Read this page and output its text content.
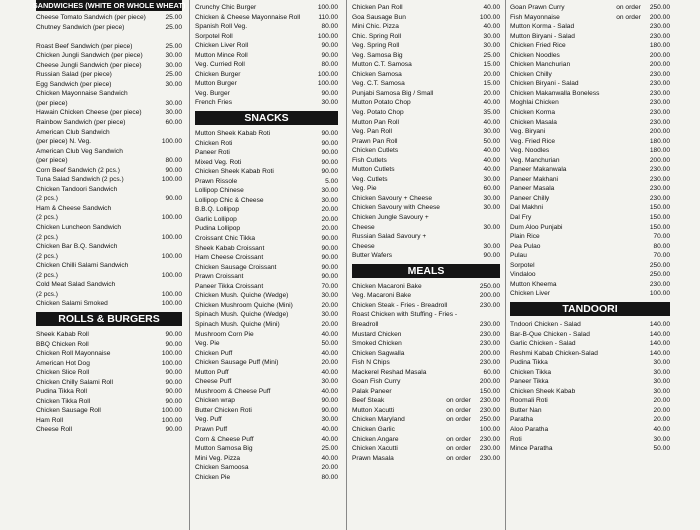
SANDWICHES (WHITE OR WHOLE WHEAT)
Cheese Tomato Sandwich (per piece)	25.00
Chutney Sandwich (per piece)	25.00
Roast Beef Sandwich (per piece)	25.00
Chicken Jungli Sandwich (per piece)	30.00
Cheese Jungli Sandwich (per piece)	30.00
Russian Salad (per piece)	25.00
Egg Sandwich (per piece)	30.00
Chicken Mayonnaise Sandwich
(per piece)	30.00
Hawain Chicken Cheese (per piece)	30.00
Rainbow Sandwich (per piece)	60.00
American Club Sandwich
(per piece) N. Veg.	100.00
American Club Veg Sandwich
(per piece)	80.00
Corn Beef Sandwich (2 pcs.)	90.00
Tuna Salad Sandwich (2 pcs.)	100.00
Chicken Tandoori Sandwich
(2 pcs.)	90.00
Ham & Cheese Sandwich
(2 pcs.)	100.00
Chicken Luncheon Sandwich
(2 pcs.)	100.00
Chicken Bar B.Q. Sandwich
(2 pcs.)	100.00
Chicken Chilli Salami Sandwich
(2 pcs.)	100.00
Cold Meat Salad Sandwich
(2 pcs.)	100.00
Chicken Salami Smoked	100.00
ROLLS & BURGERS
Sheek Kabab Roll	90.00
BBQ Chicken Roll	90.00
Chicken Roll Mayonnaise	100.00
American Hot Dog	100.00
Chicken Slice Roll	90.00
Chicken Chilly Salami Roll	90.00
Pudina Tikka Roll	90.00
Chicken Tikka Roll	90.00
Chicken Sausage Roll	100.00
Ham Roll	100.00
Cheese Roll	90.00
Crunchy Chic Burger	100.00
Chicken & Cheese Mayonnaise Roll	110.00
Spanish Roll Veg.	80.00
Sorpotel Roll	100.00
Chicken Liver Roll	90.00
Mutton Mince Roll	90.00
Veg. Curried Roll	80.00
Chicken Burger	100.00
Mutton Burger	100.00
Veg. Burger	90.00
French Fries	30.00
SNACKS
Mutton Sheek Kabab Roti	90.00
Chicken Roti	90.00
Paneer Roti	90.00
Mixed Veg. Roti	90.00
Chicken Sheek Kabab Roti	90.00
Prawn Rissole	5.00
Lollipop Chinese	30.00
Lollipop Chic & Cheese	30.00
B.B.Q. Lollipop	20.00
Garlic Lollipop	20.00
Pudina Lollipop	20.00
Croissant Chic Tikka	90.00
Sheek Kabab Croissant	90.00
Ham Cheese Croissant	90.00
Chicken Sausage Croissant	90.00
Prawn Croissant	90.00
Paneer Tikka Croissant	70.00
Chicken Mush. Quiche (Wedge)	30.00
Chicken Mushroom Quiche (Mini)	20.00
Spinach Mush. Quiche (Wedge)	30.00
Spinach Mush. Quiche (Mini)	20.00
Mushroom Corn Pie	40.00
Veg. Pie	50.00
Chicken Puff	40.00
Chicken Sausage Puff (Mini)	20.00
Mutton Puff	40.00
Cheese Puff	30.00
Mushroom & Cheese Puff	40.00
Chicken wrap	90.00
Butter Chicken Roti	90.00
Veg. Puff	30.00
Prawn Puff	40.00
Corn & Cheese Puff	40.00
Mutton Samosa Big	25.00
Mini Veg. Pizza	40.00
Chicken Samoosa	20.00
Chicken Pie	80.00
Chicken Pan Roll	40.00
Goa Sausage Bun	100.00
Mini Chic. Pizza	40.00
Chic. Spring Roll	30.00
Veg. Spring Roll	30.00
Veg. Samosa Big	25.00
Mutton C.T. Samosa	15.00
Chicken Samosa	20.00
Veg. C.T. Samosa	15.00
Punjabi Samosa Big / Small	20.00
Mutton Potato Chop	40.00
Veg. Potato Chop	35.00
Mutton Pan Roll	40.00
Veg. Pan Roll	30.00
Prawn Pan Roll	50.00
Chicken Cutlets	40.00
Fish Cutlets	40.00
Mutton Cutlets	40.00
Veg. Cutlets	30.00
Veg. Pie	60.00
Chicken Savoury + Cheese	30.00
Chicken Savoury with Cheese	30.00
Chicken Jungle Savoury +
Cheese	30.00
Russian Salad Savoury +
Cheese	30.00
Butter Wafers	90.00
MEALS
Chicken Macaroni Bake	250.00
Veg. Macaroni Bake	200.00
Chicken Steak - Fries - Breadroll	230.00
Roast Chicken with Stuffing - Fries -
Breadroll	230.00
Mustard Chicken	230.00
Smoked Chicken	230.00
Chicken Sagwalla	200.00
Fish N Chips	230.00
Mackerel Reshad Masala	60.00
Goan Fish Curry	200.00
Palak Paneer	150.00
Beef Steak	on order	230.00
Mutton Xacutti	on order	230.00
Chicken Maryland	on order	250.00
Chicken Garlic	100.00
Chicken Angare	on order	230.00
Chicken Xacutti	on order	230.00
Prawn Masala	on order	230.00
Goan Prawn Curry	on order	250.00
Fish Mayonnaise	on order	200.00
Mutton Korma - Salad	230.00
Mutton Biryani - Salad	230.00
Chicken Fried Rice	180.00
Chicken Noodles	200.00
Chicken Manchurian	200.00
Chicken Chilly	230.00
Chicken Biryani - Salad	230.00
Chicken Makanwalla Boneless	230.00
Moghlai Chicken	230.00
Chicken Korma	230.00
Chicken Masala	230.00
Veg. Biryani	200.00
Veg. Fried Rice	180.00
Veg. Noodles	180.00
Veg. Manchurian	200.00
Paneer Makanwala	230.00
Paneer Makhani	230.00
Paneer Masala	230.00
Paneer Chilly	230.00
Dal Makhni	150.00
Dal Fry	150.00
Dum Aloo Punjabi	150.00
Plain Rice	70.00
Pea Pulao	80.00
Pulau	70.00
Sorpotel	250.00
Vindaloo	250.00
Mutton Kheema	230.00
Chicken Liver	100.00
TANDOORI
Tndoori Chicken - Salad	140.00
Bar-B-Que Chicken - Salad	140.00
Garlic Chicken - Salad	140.00
Reshmi Kabab Chicken-Salad	140.00
Pudina Tikka	30.00
Chicken Tikka	30.00
Paneer Tikka	30.00
Chicken Sheek Kabab	30.00
Roomali Roti	20.00
Butter Nan	20.00
Paratha	20.00
Aloo Paratha	40.00
Roti	30.00
Mince Paratha	50.00
